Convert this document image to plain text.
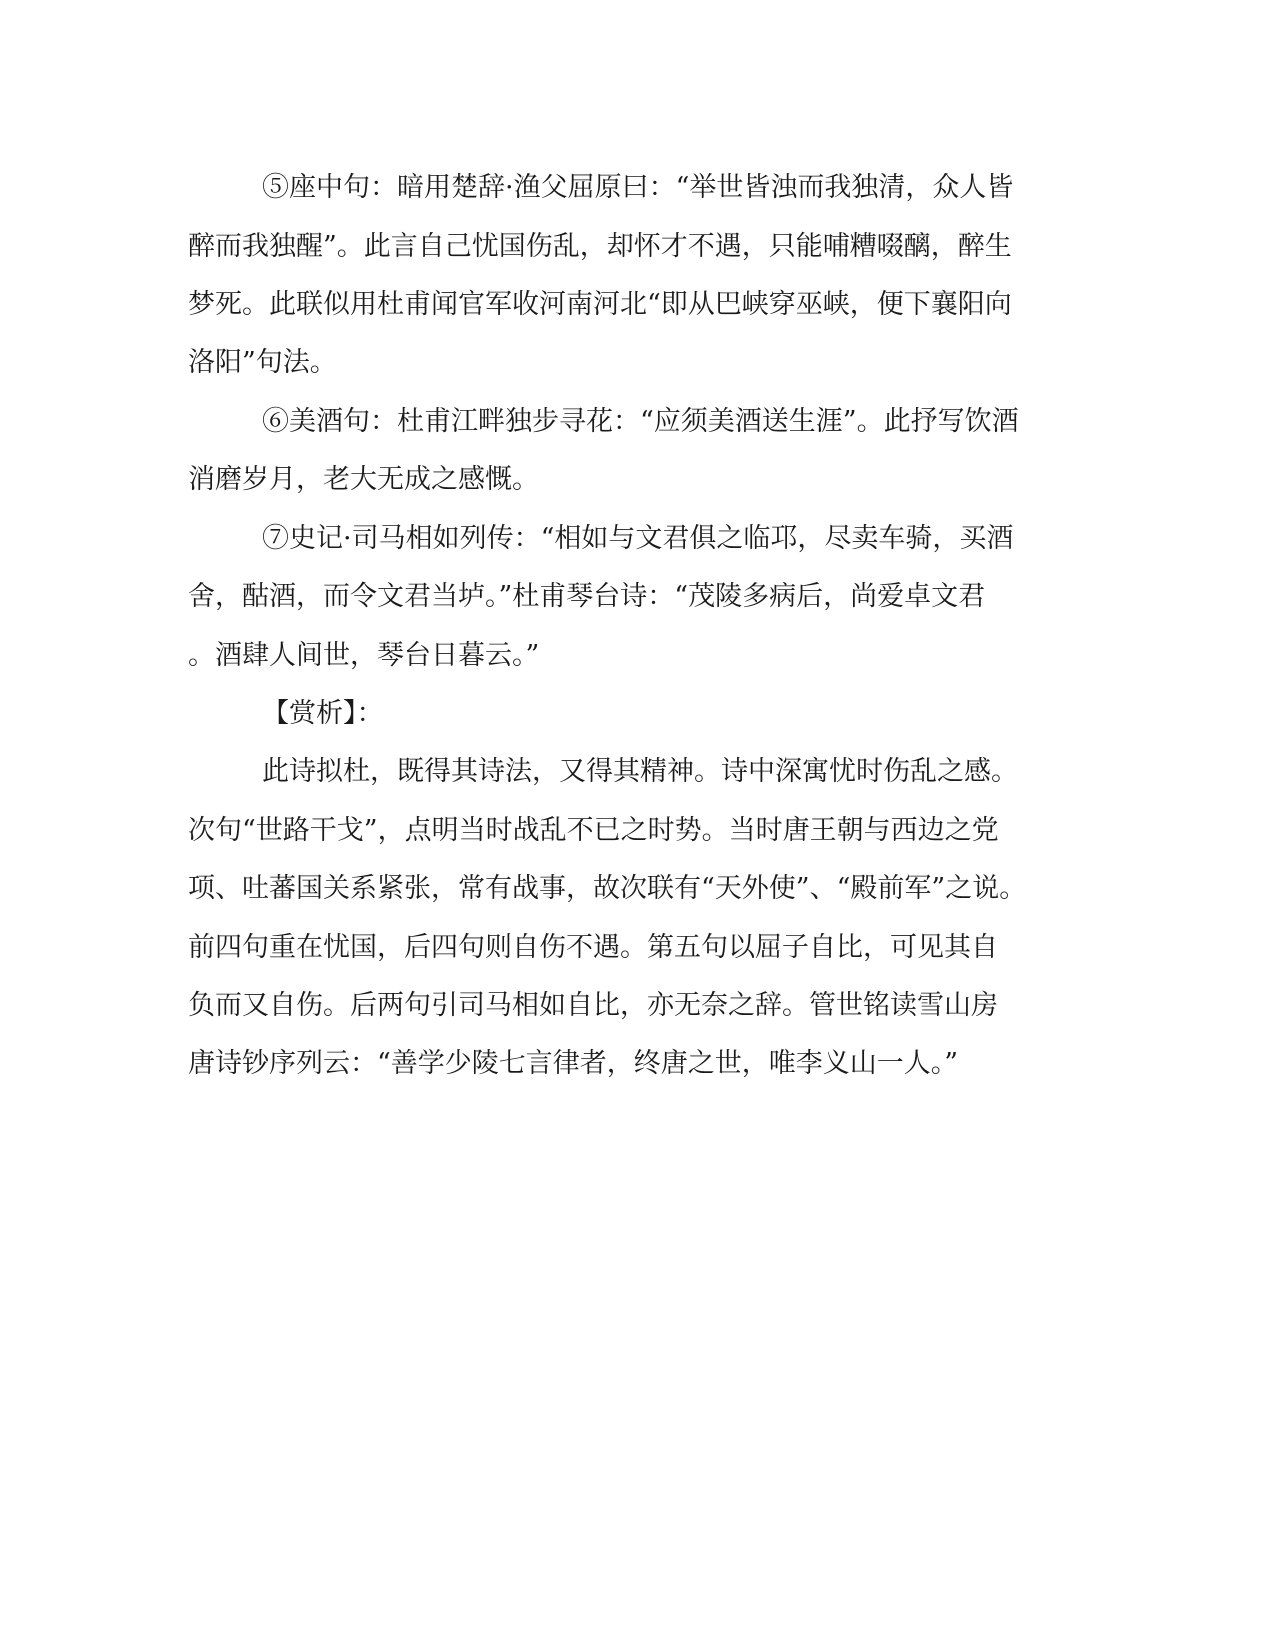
⑤座中句：暗用楚辞·渔父屈原曰：“举世皆浊而我独清，众人皆
醉而我独醒”。此言自己忧国伤乱，却怀才不遇，只能哺糟啜醨，醉生
梦死。此联似用杜甫闻官军收河南河北“即从巴峡穿巫峡，便下襄阳向
洛阳”句法。
⑥美酒句：杜甫江畔独步寻花：“应须美酒送生涯”。此抒写饮酒
消磨岁月，老大无成之感慨。
⑦史记·司马相如列传：“相如与文君俱之临邛，尽卖车骑，买酒
舍，酤酒，而令文君当垆。”杜甫琴台诗：“茂陵多病后，尚爱卓文君
。酒肆人间世，琴台日暮云。”
【赏析】：
此诗拟杜，既得其诗法，又得其精神。诗中深寓忧时伤乱之感。
次句“世路干戈”，点明当时战乱不已之时势。当时唐王朝与西边之党
项、吐蕃国关系紧张，常有战事，故次联有“天外使”、“殿前军”之说。
前四句重在忧国，后四句则自伤不遇。第五句以屈子自比，可见其自
负而又自伤。后两句引司马相如自比，亦无奈之辞。管世铭读雪山房
唐诗钞序列云：“善学少陵七言律者，终唐之世，唯李义山一人。”
